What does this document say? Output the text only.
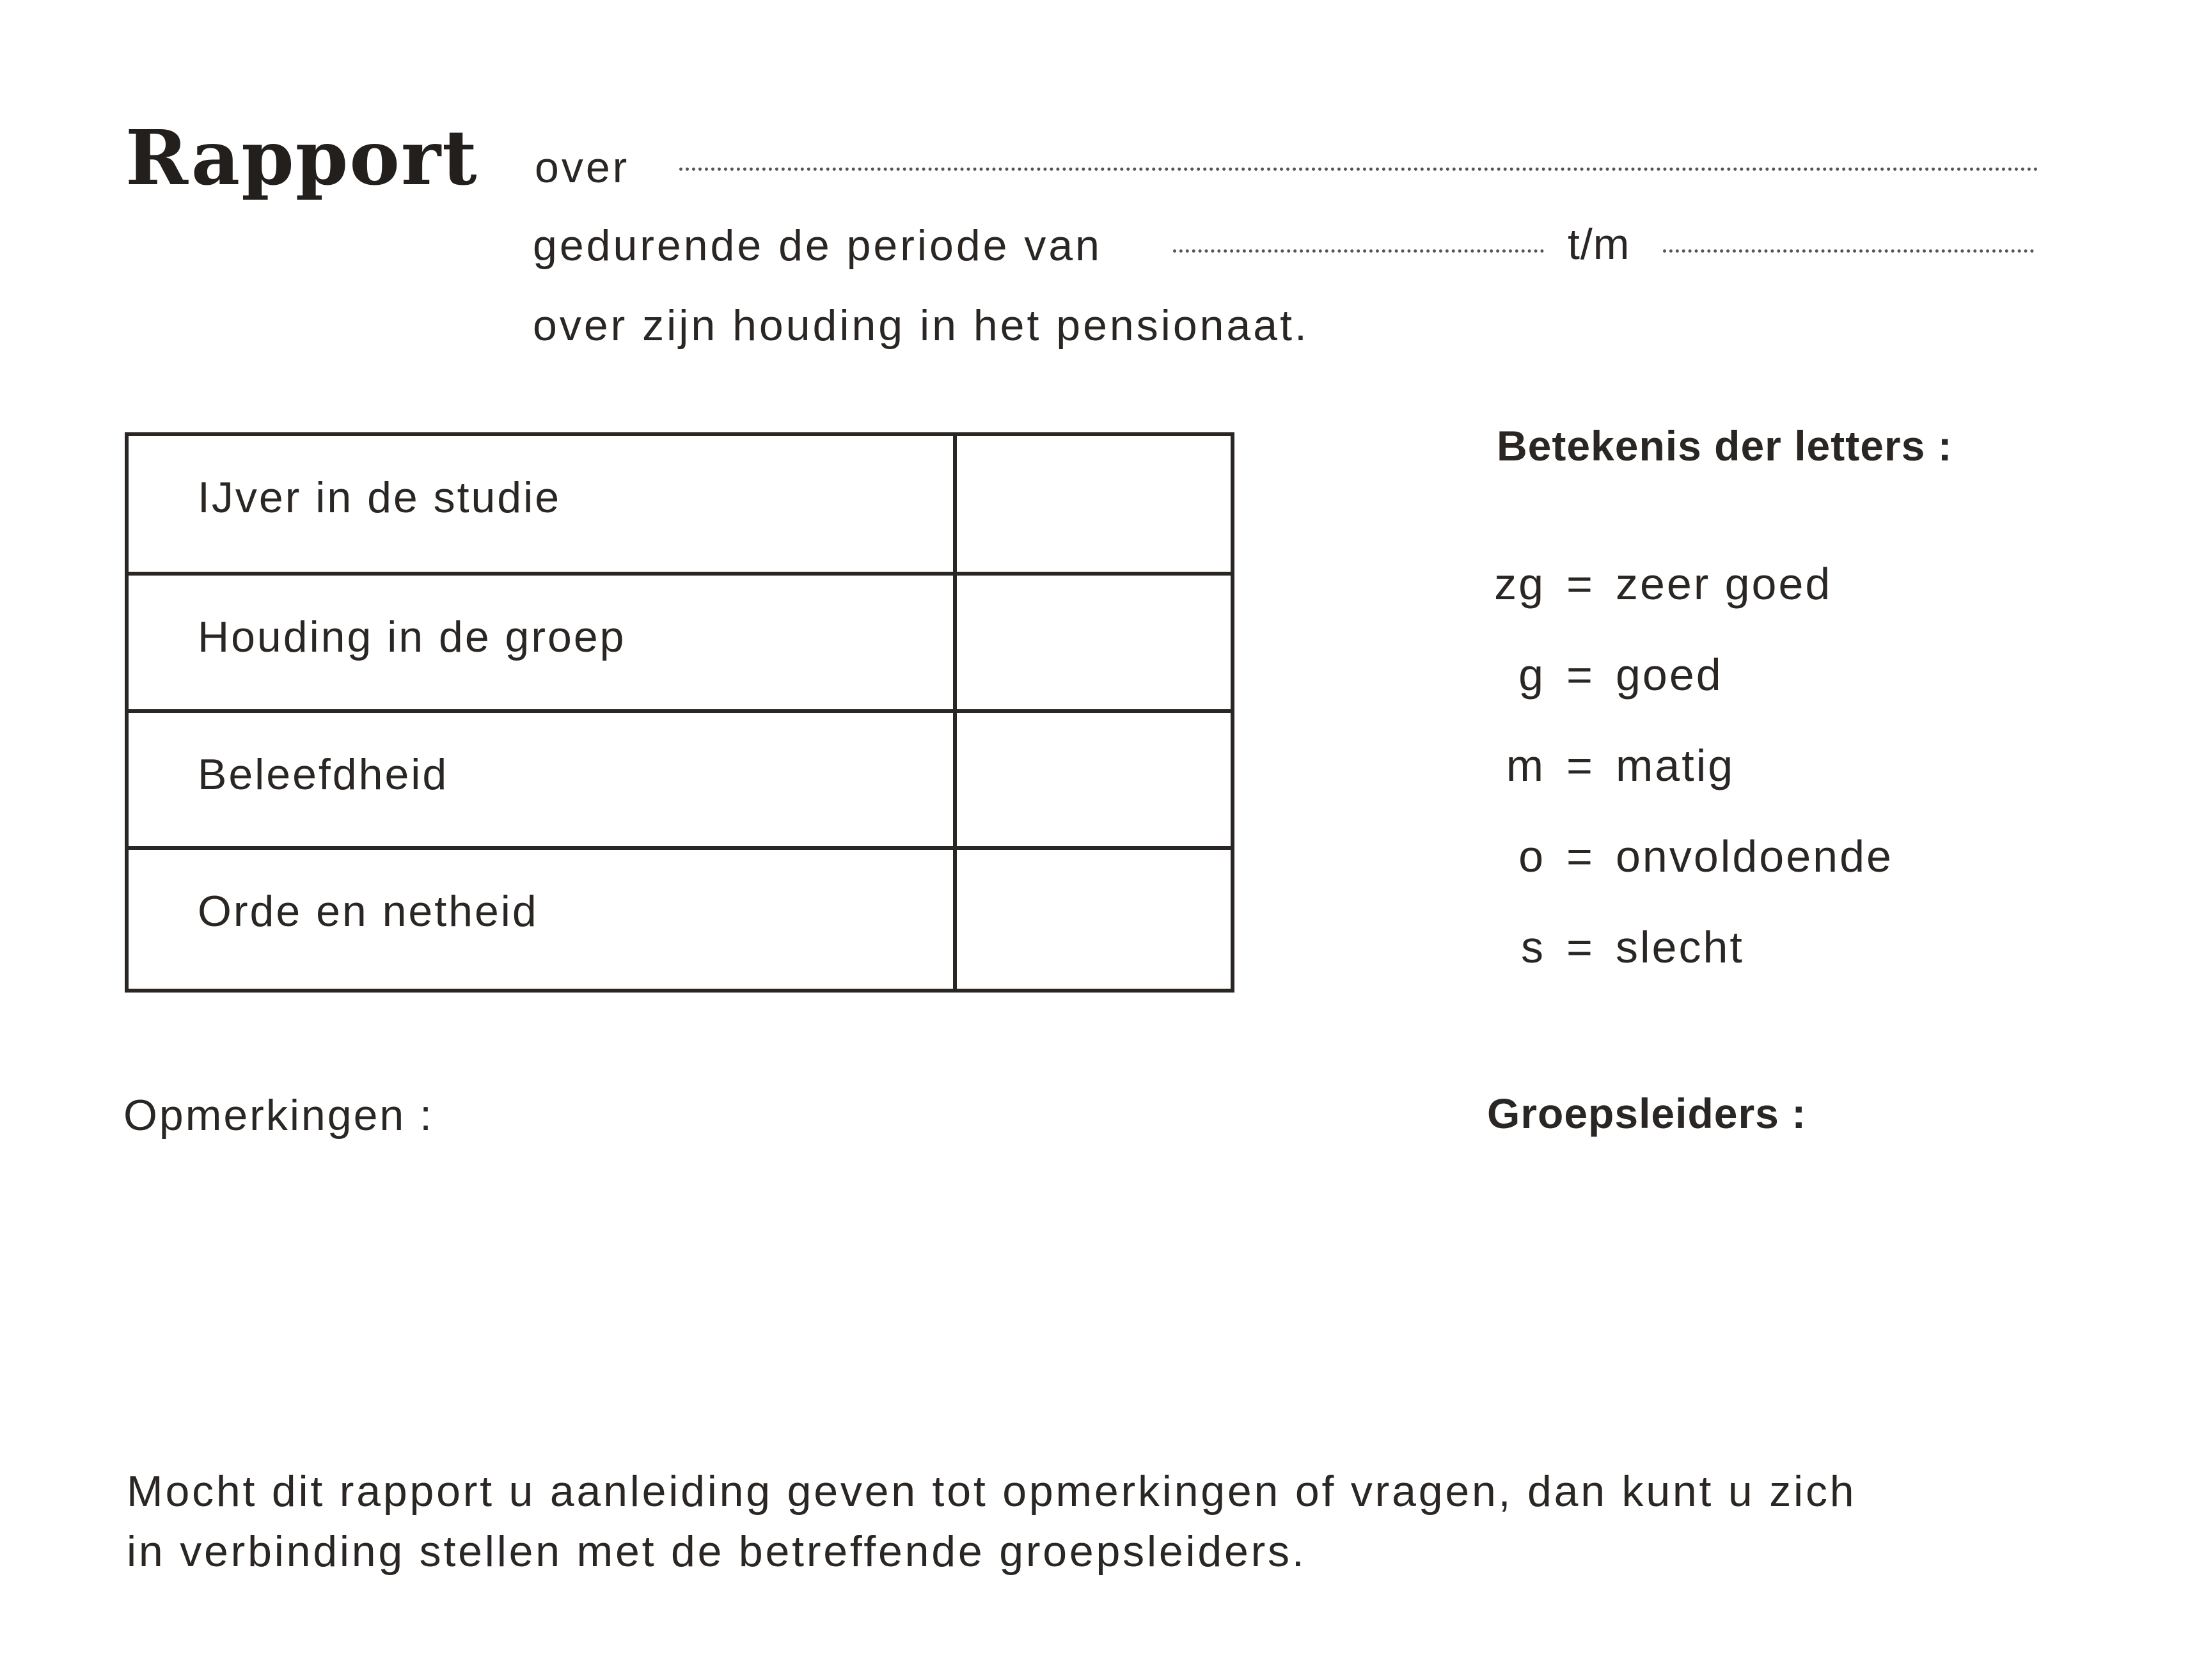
Rapport over
gedurende de periode van	t/m
over zijn houding in het pensionaat.
IJver in de studie
Houding in de groep
Beleefdheid
Orde en netheid
Betekenis der letters :
zg = zeer goed
g = goed
m = matig
o = onvoldoende
s = slecht
Opmerkingen :	Groepsleiders :
Mocht dit rapport u aanleiding geven tot opmerkingen of vragen, dan kunt u zich
in verbinding stellen met de betreffende groepsleiders.
